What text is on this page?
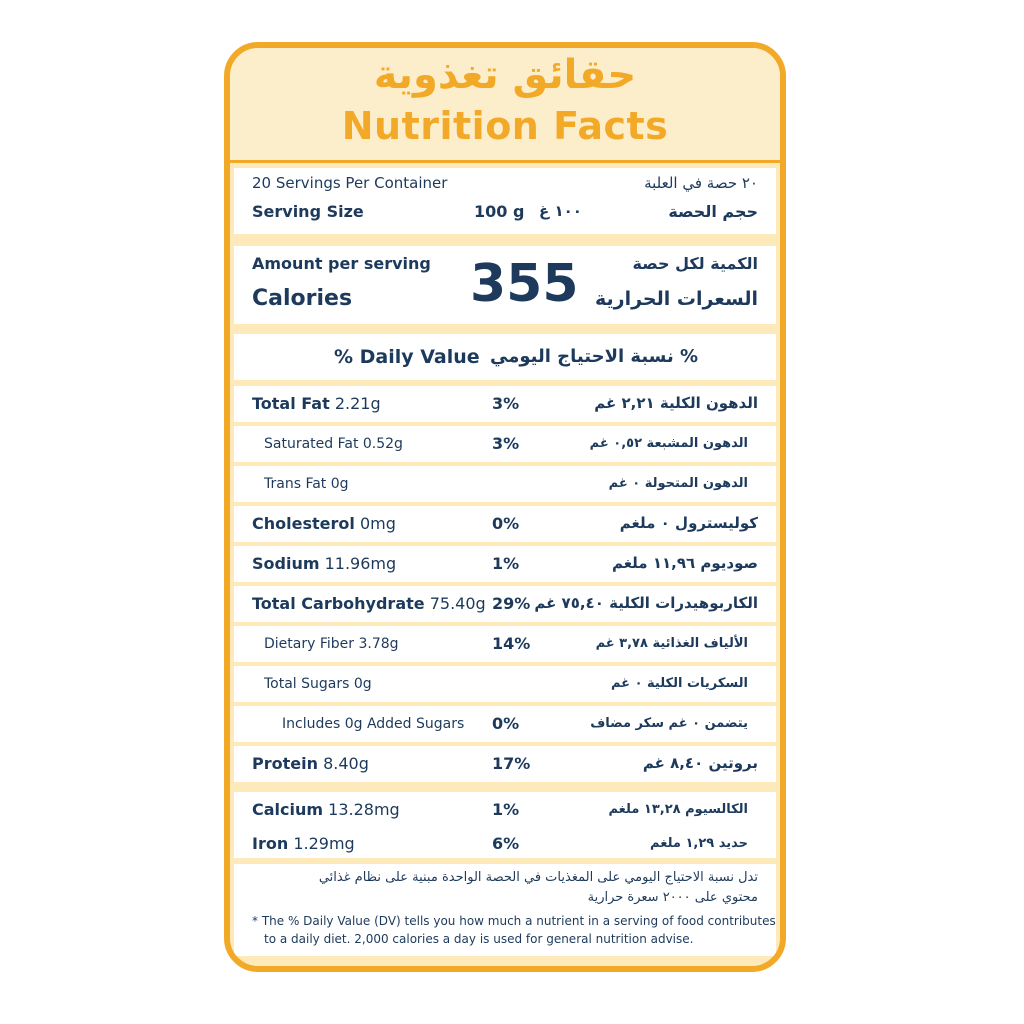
حقائق تغذوية
Nutrition Facts
20 Servings Per Container	٢٠ حصة في العلبة
Serving Size	100 g ١٠٠ غ	حجم الحصة
Amount per serving	الكمية لكل حصة
Calories 355 السعرات الحرارية
% Daily Value % نسبة الاحتياج اليومي
Total Fat 2.21g	3%	الدهون الكلية ٢,٢١ غم
Saturated Fat 0.52g	3%	الدهون المشبعة ٠,٥٢ غم
Trans Fat 0g	الدهون المتحولة ٠ غم
Cholesterol 0mg	0%	كوليسترول ٠ ملغم
Sodium 11.96mg	1%	صوديوم ١١,٩٦ ملغم
Total Carbohydrate 75.40g 29% الكاربوهيدرات الكلية ٧٥,٤٠ غم
Dietary Fiber 3.78g	14%	الألياف الغذائية ٣,٧٨ غم
Total Sugars 0g	السكريات الكلية ٠ غم
Includes 0g Added Sugars 0%	يتضمن ٠ غم سكر مضاف
Protein 8.40g	17%	بروتين ٨,٤٠ غم
Calcium 13.28mg	1%	الكالسيوم ١٣,٢٨ ملغم
Iron 1.29mg	6%	حديد ١,٢٩ ملغم
تدل نسبة الاحتياج اليومي على المغذيات في الحصة الواحدة مبنية على نظام غذائي
محتوي على ٢٠٠٠ سعرة حرارية
* The % Daily Value (DV) tells you how much a nutrient in a serving of food contributes
to a daily diet. 2,000 calories a day is used for general nutrition advise.
